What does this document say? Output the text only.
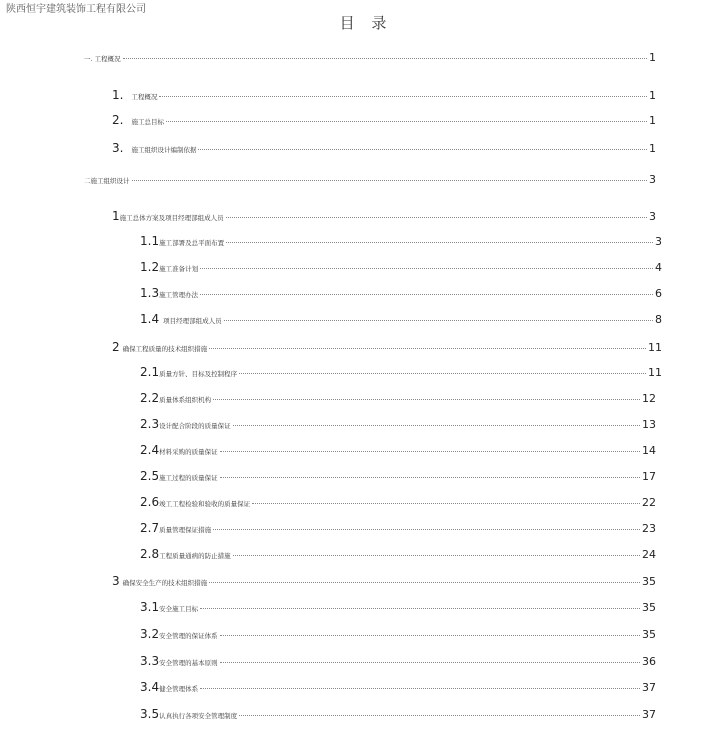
陕西恒宇建筑装饰工程有限公司
目 录
一. 工程概况	1
1. 工程概况	1
2. 施工总目标	1
3. 施工组织设计编制依据	1
二施工组织设计	3
1 施工总体方案及项目经理部组成人员	3
1.1 施工部署及总平面布置	3
1.2 施工准备计划	4
1.3 施工管理办法	6
1.4 项目经理部组成人员	8
2 确保工程质量的技术组织措施	11
2.1 质量方针、目标及控制程序	11
2.2 质量体系组织机构	12
2.3 设计配合阶段的质量保证	13
2.4 材料采购的质量保证	14
2.5 施工过程的质量保证	17
2.6 竣工工程检验和验收的质量保证	22
2.7 质量管理保证措施	23
2.8 工程质量通病的防止措施	24
3 确保安全生产的技术组织措施	35
3.1 安全施工目标	35
3.2 安全管理的保证体系	35
3.3 安全管理的基本原则	36
3.4 健全管理体系	37
3.5 认真执行各项安全管理制度	37
